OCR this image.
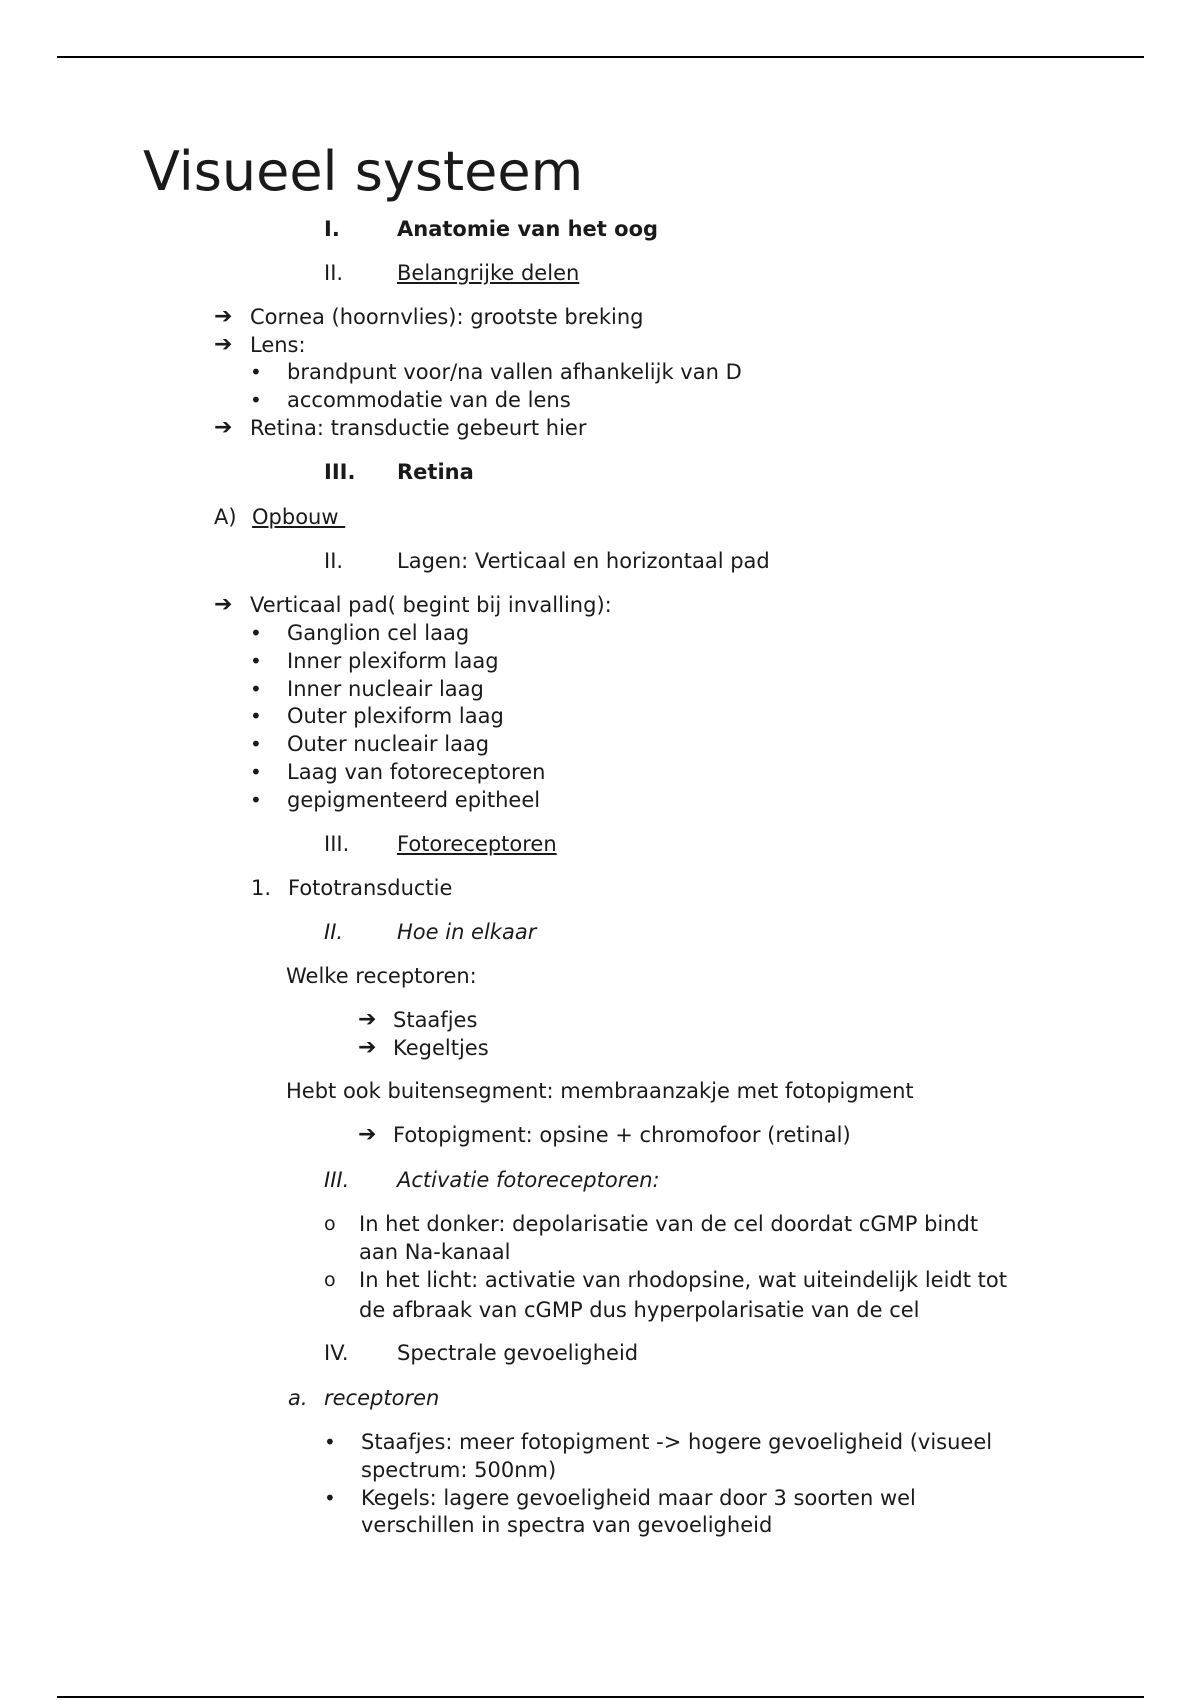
Visueel systeem
I.	Anatomie van het oog
II.	Belangrijke delen
➔ Cornea (hoornvlies): grootste breking
➔ Lens:
• brandpunt voor/na vallen afhankelijk van D
• accommodatie van de lens
➔ Retina: transductie gebeurt hier
III. Retina
A) Opbouw
II.	Lagen: Verticaal en horizontaal pad
➔ Verticaal pad( begint bij invalling):
• Ganglion cel laag
• Inner plexiform laag
• Inner nucleair laag
• Outer plexiform laag
• Outer nucleair laag
• Laag van fotoreceptoren
• gepigmenteerd epitheel
III. Fotoreceptoren
1. Fototransductie
II.	Hoe in elkaar
Welke receptoren:
➔ Staafjes
➔ Kegeltjes
Hebt ook buitensegment: membraanzakje met fotopigment
➔ Fotopigment: opsine + chromofoor (retinal)
III. Activatie fotoreceptoren:
o In het donker: depolarisatie van de cel doordat cGMP bindt
aan Na-kanaal
o In het licht: activatie van rhodopsine, wat uiteindelijk leidt tot
de afbraak van cGMP dus hyperpolarisatie van de cel
IV. Spectrale gevoeligheid
a. receptoren
• Staafjes: meer fotopigment -> hogere gevoeligheid (visueel
spectrum: 500nm)
• Kegels: lagere gevoeligheid maar door 3 soorten wel
verschillen in spectra van gevoeligheid
